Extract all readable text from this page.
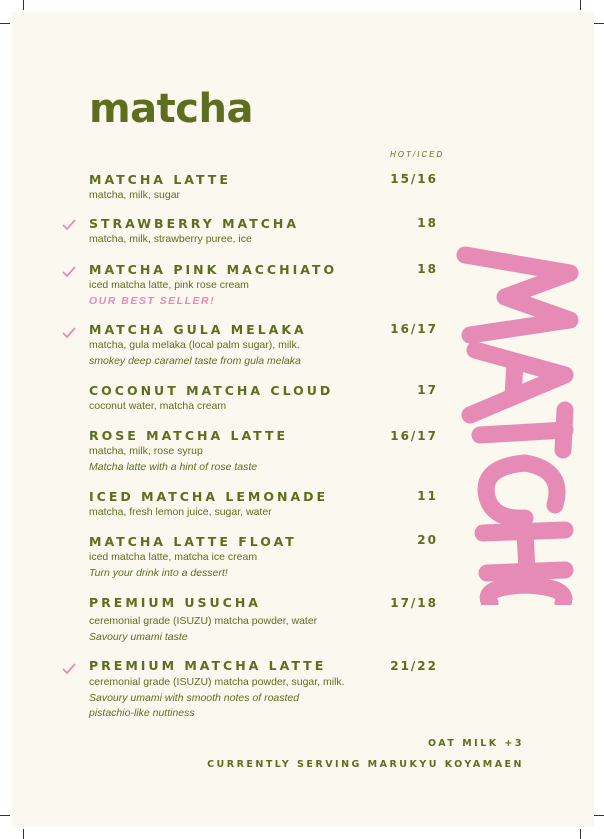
matcha
HOT/ICED
MATCHA LATTE
matcha, milk, sugar
15/16
STRAWBERRY MATCHA
matcha, milk, strawberry puree, ice
18
MATCHA PINK MACCHIATO
iced matcha latte, pink rose cream
OUR BEST SELLER!
18
MATCHA GULA MELAKA
matcha, gula melaka (local palm sugar), milk.
smokey deep caramel taste from gula melaka
16/17
COCONUT MATCHA CLOUD
coconut water, matcha cream
17
ROSE MATCHA LATTE
matcha, milk, rose syrup
Matcha latte with a hint of rose taste
16/17
ICED MATCHA LEMONADE
matcha, fresh lemon juice, sugar, water
11
MATCHA LATTE FLOAT
iced matcha latte, matcha ice cream
Turn your drink into a dessert!
20
PREMIUM USUCHA
ceremonial grade (ISUZU) matcha powder, water
Savoury umami taste
17/18
PREMIUM MATCHA LATTE
ceremonial grade (ISUZU) matcha powder, sugar, milk.
Savoury umami with smooth notes of roasted
pistachio-like nuttiness
21/22
OAT MILK +3
CURRENTLY SERVING MARUKYU KOYAMAEN
